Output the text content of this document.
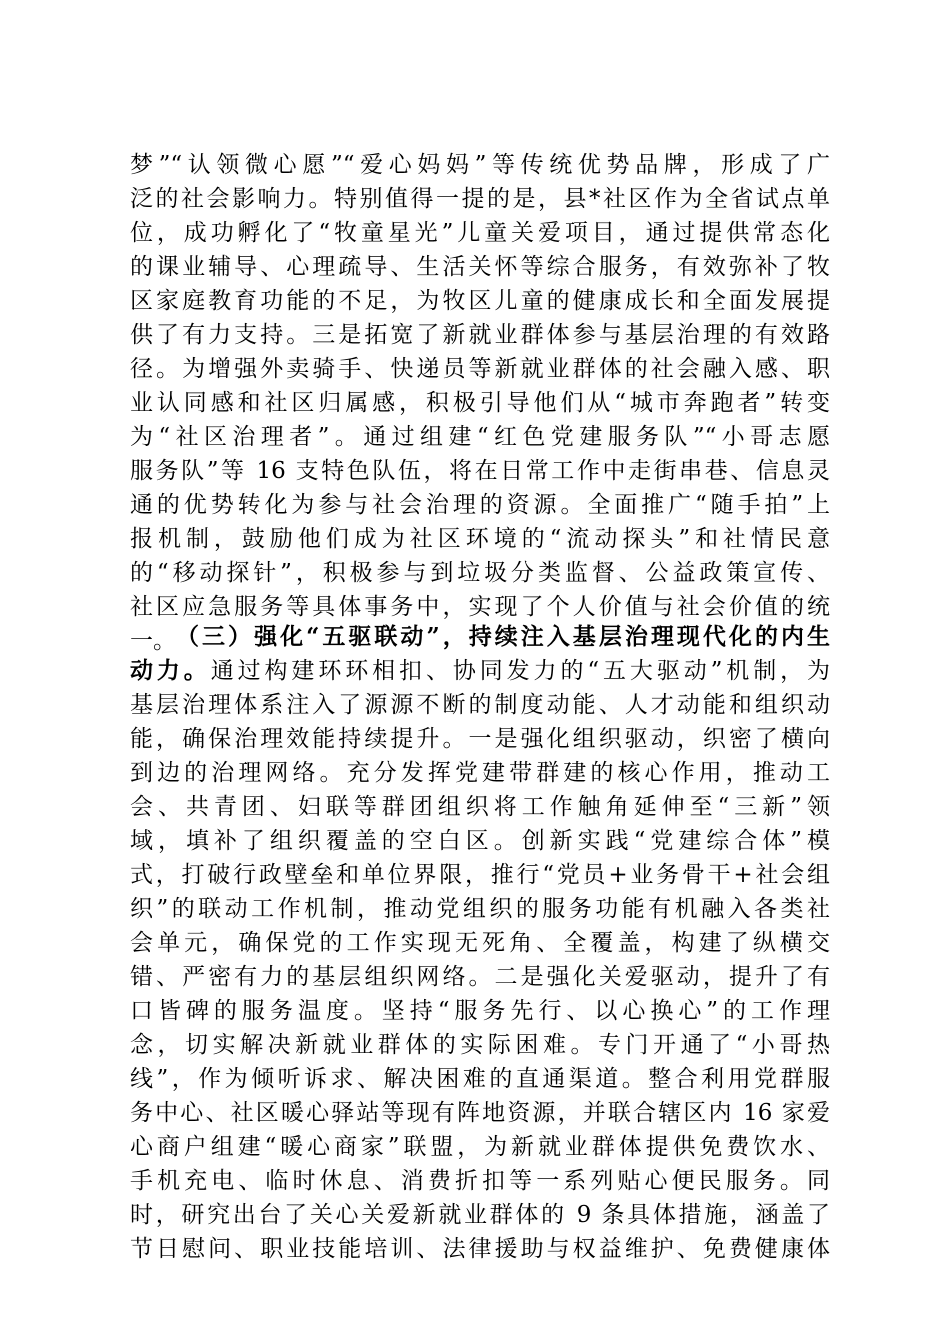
梦”“认领微心愿”“爱心妈妈”等传统优势品牌，形成了广
泛的社会影响力。特别值得一提的是，县*社区作为全省试点单
位，成功孵化了“牧童星光”儿童关爱项目，通过提供常态化
的课业辅导、心理疏导、生活关怀等综合服务，有效弥补了牧
区家庭教育功能的不足，为牧区儿童的健康成长和全面发展提
供了有力支持。三是拓宽了新就业群体参与基层治理的有效路
径。为增强外卖骑手、快递员等新就业群体的社会融入感、职
业认同感和社区归属感，积极引导他们从“城市奔跑者”转变
为“社区治理者”。通过组建“红色党建服务队”“小哥志愿
服务队”等 16 支特色队伍，将在日常工作中走街串巷、信息灵
通的优势转化为参与社会治理的资源。全面推广“随手拍”上
报机制，鼓励他们成为社区环境的“流动探头”和社情民意
的“移动探针”，积极参与到垃圾分类监督、公益政策宣传、
社区应急服务等具体事务中，实现了个人价值与社会价值的统
一。 （三）强化“五驱联动”，持续注入基层治理现代化的内生
动力。通过构建环环相扣、协同发力的“五大驱动”机制，为
基层治理体系注入了源源不断的制度动能、人才动能和组织动
能，确保治理效能持续提升。一是强化组织驱动，织密了横向
到边的治理网络。充分发挥党建带群建的核心作用，推动工
会、共青团、妇联等群团组织将工作触角延伸至“三新”领
域，填补了组织覆盖的空白区。创新实践“党建综合体”模
式，打破行政壁垒和单位界限，推行“党员+业务骨干+社会组
织”的联动工作机制，推动党组织的服务功能有机融入各类社
会单元，确保党的工作实现无死角、全覆盖，构建了纵横交
错、严密有力的基层组织网络。二是强化关爱驱动，提升了有
口皆碑的服务温度。坚持“服务先行、以心换心”的工作理
念，切实解决新就业群体的实际困难。专门开通了“小哥热
线”，作为倾听诉求、解决困难的直通渠道。整合利用党群服
务中心、社区暖心驿站等现有阵地资源，并联合辖区内 16 家爱
心商户组建“暖心商家”联盟，为新就业群体提供免费饮水、
手机充电、临时休息、消费折扣等一系列贴心便民服务。同
时，研究出台了关心关爱新就业群体的 9 条具体措施，涵盖了
节日慰问、职业技能培训、法律援助与权益维护、免费健康体
